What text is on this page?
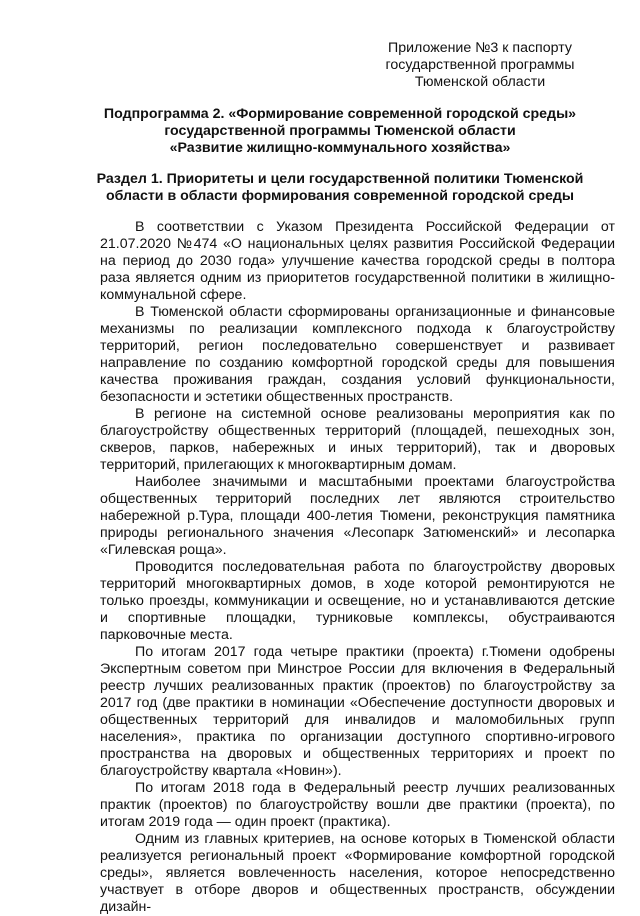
Приложение №3 к паспорту
государственной программы
Тюменской области
Подпрограмма 2. «Формирование современной городской среды»
государственной программы Тюменской области
«Развитие жилищно-коммунального хозяйства»
Раздел 1. Приоритеты и цели государственной политики Тюменской
области в области формирования современной городской среды

В соответствии с Указом Президента Российской Федерации от 21.07.2020 №474 «О национальных целях развития Российской Федерации на период до 2030 года» улучшение качества городской среды в полтора раза является одним из приоритетов государственной политики в жилищно-коммунальной сфере.

В Тюменской области сформированы организационные и финансовые механизмы по реализации комплексного подхода к благоустройству территорий, регион последовательно совершенствует и развивает направление по созданию комфортной городской среды для повышения качества проживания граждан, создания условий функциональности, безопасности и эстетики общественных пространств.

В регионе на системной основе реализованы мероприятия как по благоустройству общественных территорий (площадей, пешеходных зон, скверов, парков, набережных и иных территорий), так и дворовых территорий, прилегающих к многоквартирным домам.

Наиболее значимыми и масштабными проектами благоустройства общественных территорий последних лет являются строительство набережной р.Тура, площади 400-летия Тюмени, реконструкция памятника природы регионального значения «Лесопарк Затюменский» и лесопарка «Гилевская роща».

Проводится последовательная работа по благоустройству дворовых территорий многоквартирных домов, в ходе которой ремонтируются не только проезды, коммуникации и освещение, но и устанавливаются детские и спортивные площадки, турниковые комплексы, обустраиваются парковочные места.

По итогам 2017 года четыре практики (проекта) г.Тюмени одобрены Экспертным советом при Минстрое России для включения в Федеральный реестр лучших реализованных практик (проектов) по благоустройству за 2017 год (две практики в номинации «Обеспечение доступности дворовых и общественных территорий для инвалидов и маломобильных групп населения», практика по организации доступного спортивно-игрового пространства на дворовых и общественных территориях и проект по благоустройству квартала «Новин»).

По итогам 2018 года в Федеральный реестр лучших реализованных практик (проектов) по благоустройству вошли две практики (проекта), по итогам 2019 года — один проект (практика).

Одним из главных критериев, на основе которых в Тюменской области реализуется региональный проект «Формирование комфортной городской среды», является вовлеченность населения, которое непосредственно участвует в отборе дворов и общественных пространств, обсуждении дизайн-
